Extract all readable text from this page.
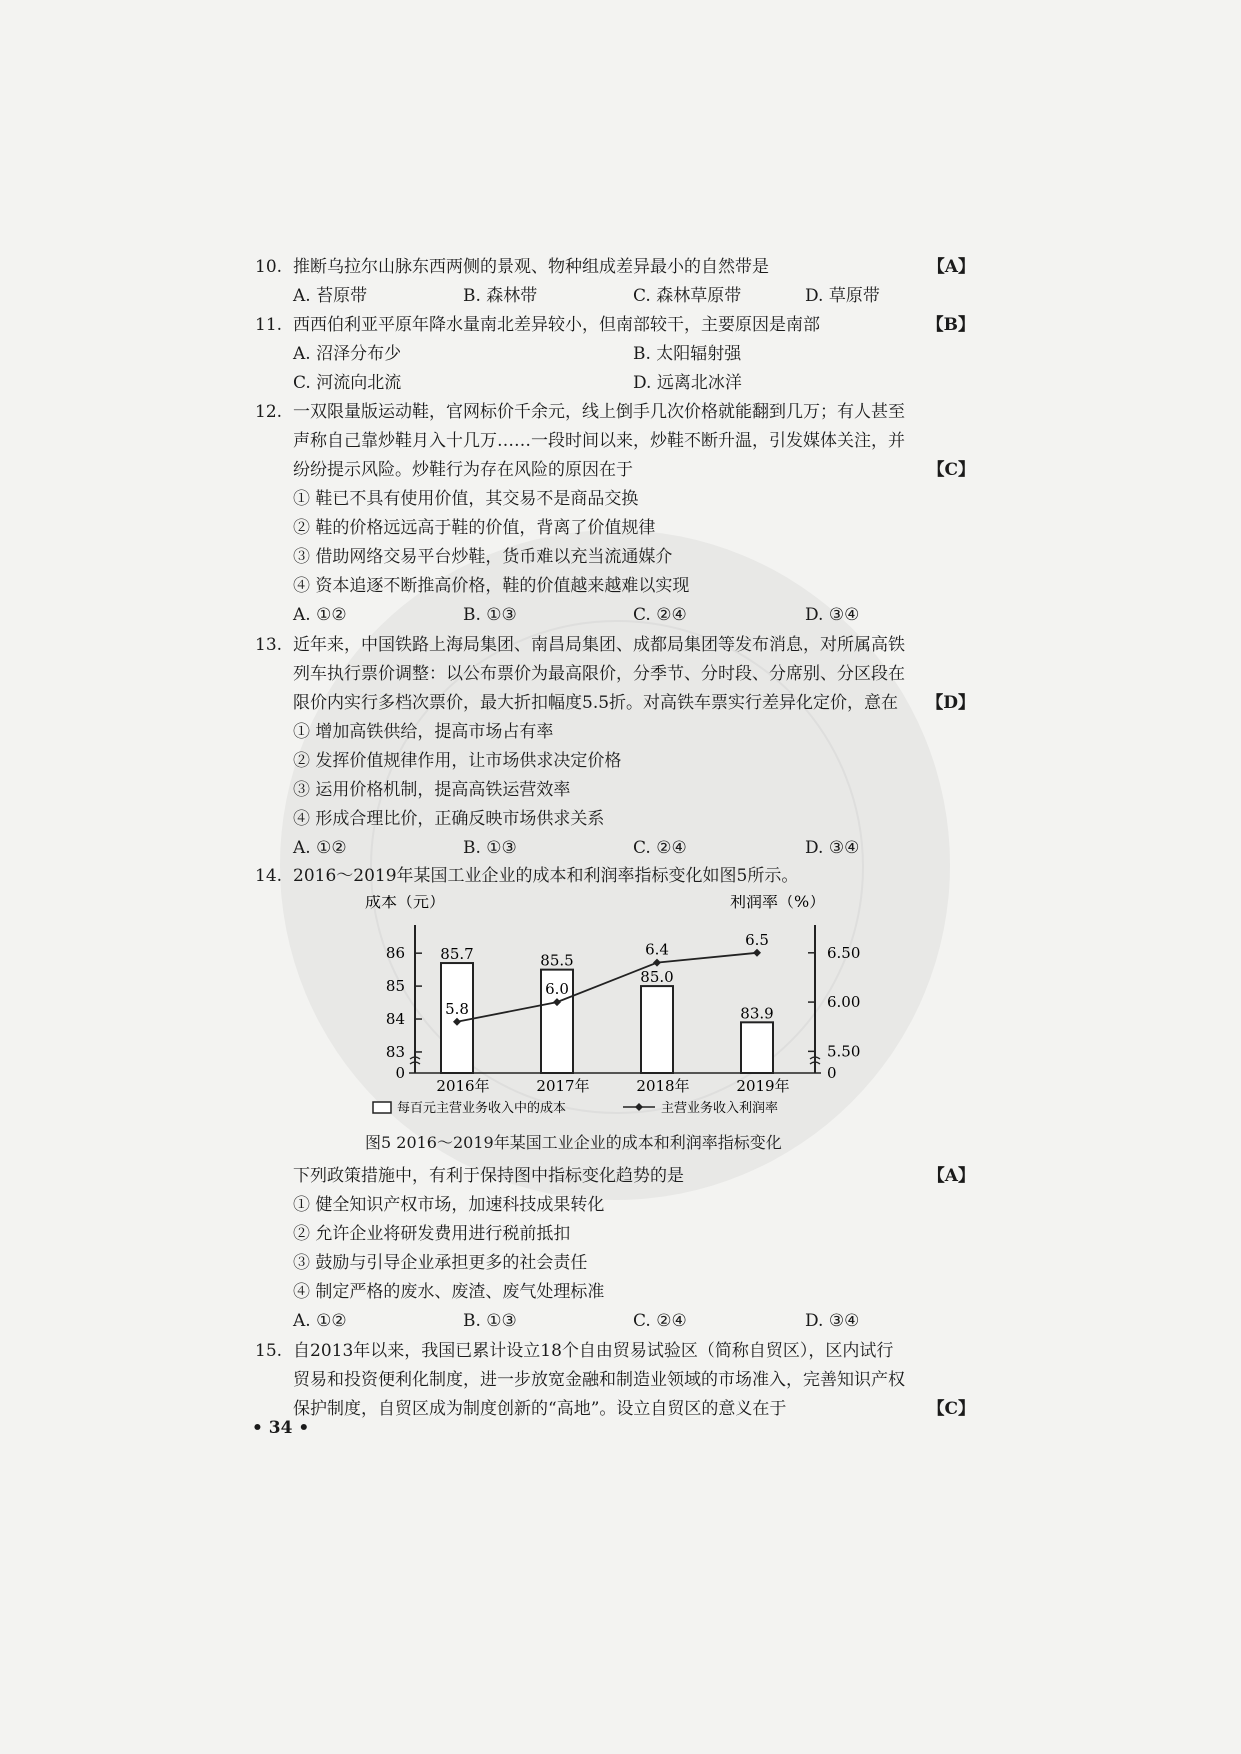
10. 推断乌拉尔山脉东西两侧的景观、物种组成差异最小的自然带是	【A】
A. 苔原带	B. 森林带	C. 森林草原带	D. 草原带
11. 西西伯利亚平原年降水量南北差异较小，但南部较干，主要原因是南部	【B】
A. 沼泽分布少	B. 太阳辐射强
C. 河流向北流	D. 远离北冰洋
12. 一双限量版运动鞋，官网标价千余元，线上倒手几次价格就能翻到几万；有人甚至
声称自己靠炒鞋月入十几万……一段时间以来，炒鞋不断升温，引发媒体关注，并
纷纷提示风险。炒鞋行为存在风险的原因在于	【C】
① 鞋已不具有使用价值，其交易不是商品交换
② 鞋的价格远远高于鞋的价值，背离了价值规律
③ 借助网络交易平台炒鞋，货币难以充当流通媒介
④ 资本追逐不断推高价格，鞋的价值越来越难以实现
A. ①②	B. ①③	C. ②④	D. ③④
13. 近年来，中国铁路上海局集团、南昌局集团、成都局集团等发布消息，对所属高铁
列车执行票价调整：以公布票价为最高限价，分季节、分时段、分席别、分区段在
限价内实行多档次票价，最大折扣幅度5.5折。对高铁车票实行差异化定价，意在 【D】
① 增加高铁供给，提高市场占有率
② 发挥价值规律作用，让市场供求决定价格
③ 运用价格机制，提高高铁运营效率
④ 形成合理比价，正确反映市场供求关系
A. ①②	B. ①③	C. ②④	D. ③④
14. 2016～2019年某国工业企业的成本和利润率指标变化如图5所示。
下列政策措施中，有利于保持图中指标变化趋势的是	【A】
① 健全知识产权市场，加速科技成果转化
② 允许企业将研发费用进行税前抵扣
③ 鼓励与引导企业承担更多的社会责任
④ 制定严格的废水、废渣、废气处理标准
A. ①②	B. ①③	C. ②④	D. ③④
15. 自2013年以来，我国已累计设立18个自由贸易试验区（简称自贸区），区内试行
贸易和投资便利化制度，进一步放宽金融和制造业领域的市场准入，完善知识产权
保护制度，自贸区成为制度创新的“高地”。设立自贸区的意义在于	【C】
成本（元）	利润率（%）
0
83
84
85
86
0
5.50
6.00
6.50
85.7
2016年
85.5
2017年
85.0
2018年
83.9
2019年
5.8
6.0
6.4
6.5
每百元主营业务收入中的成本	主营业务收入利润率
图5 2016～2019年某国工业企业的成本和利润率指标变化
• 34 •
